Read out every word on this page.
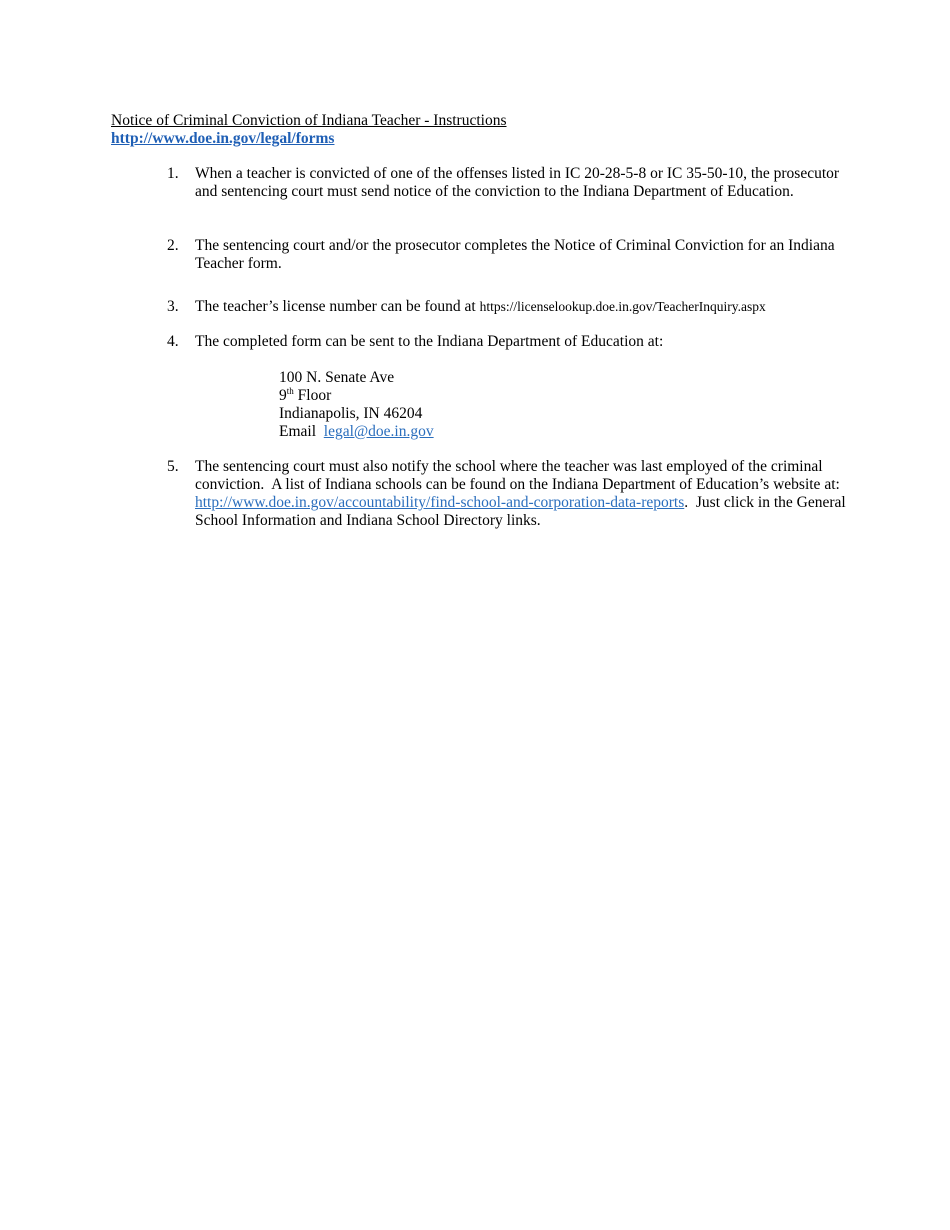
Notice of Criminal Conviction of Indiana Teacher - Instructions
http://www.doe.in.gov/legal/forms
1.	When a teacher is convicted of one of the offenses listed in IC 20-28-5-8 or IC 35-50-10, the prosecutor and sentencing court must send notice of the conviction to the Indiana Department of Education.
2.	The sentencing court and/or the prosecutor completes the Notice of Criminal Conviction for an Indiana Teacher form.
3.	The teacher’s license number can be found at https://licenselookup.doe.in.gov/TeacherInquiry.aspx
4.	The completed form can be sent to the Indiana Department of Education at:
100 N. Senate Ave
9th Floor
Indianapolis, IN 46204
Email  legal@doe.in.gov
5.	The sentencing court must also notify the school where the teacher was last employed of the criminal conviction.  A list of Indiana schools can be found on the Indiana Department of Education’s website at:  http://www.doe.in.gov/accountability/find-school-and-corporation-data-reports.  Just click in the General School Information and Indiana School Directory links.
